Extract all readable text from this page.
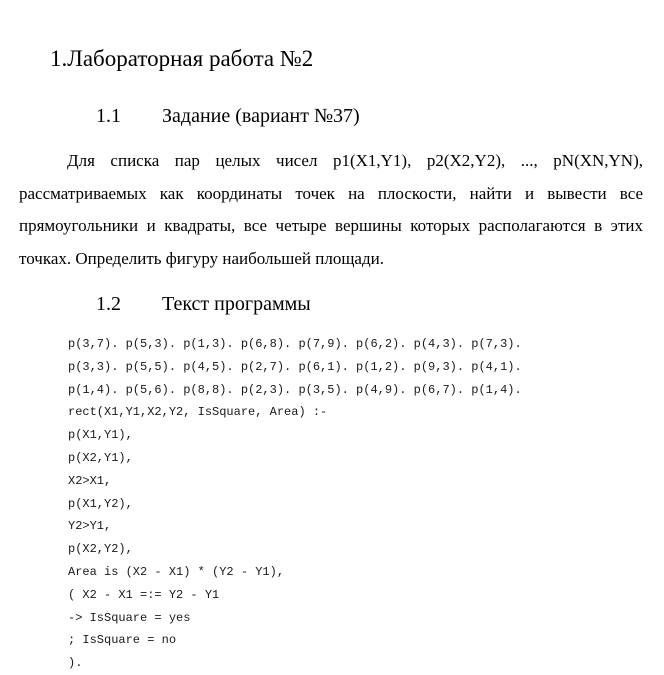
1.Лабораторная работа №2
1.1 Задание (вариант №37)

Для списка пар целых чисел p1(X1,Y1), p2(X2,Y2), ..., pN(XN,YN), рассматриваемых как координаты точек на плоскости, найти и вывести все прямоугольники и квадраты, все четыре вершины которых располагаются в этих точках. Определить фигуру наибольшей площади.

1.2 Текст программы
p(3,7). p(5,3). p(1,3). p(6,8). p(7,9). p(6,2). p(4,3). p(7,3).
p(3,3). p(5,5). p(4,5). p(2,7). p(6,1). p(1,2). p(9,3). p(4,1).
p(1,4). p(5,6). p(8,8). p(2,3). p(3,5). p(4,9). p(6,7). p(1,4).
rect(X1,Y1,X2,Y2, IsSquare, Area) :-
p(X1,Y1),
p(X2,Y1),
X2>X1,
p(X1,Y2),
Y2>Y1,
p(X2,Y2),
Area is (X2 - X1) * (Y2 - Y1),
( X2 - X1 =:= Y2 - Y1
-> IsSquare = yes
; IsSquare = no
).
